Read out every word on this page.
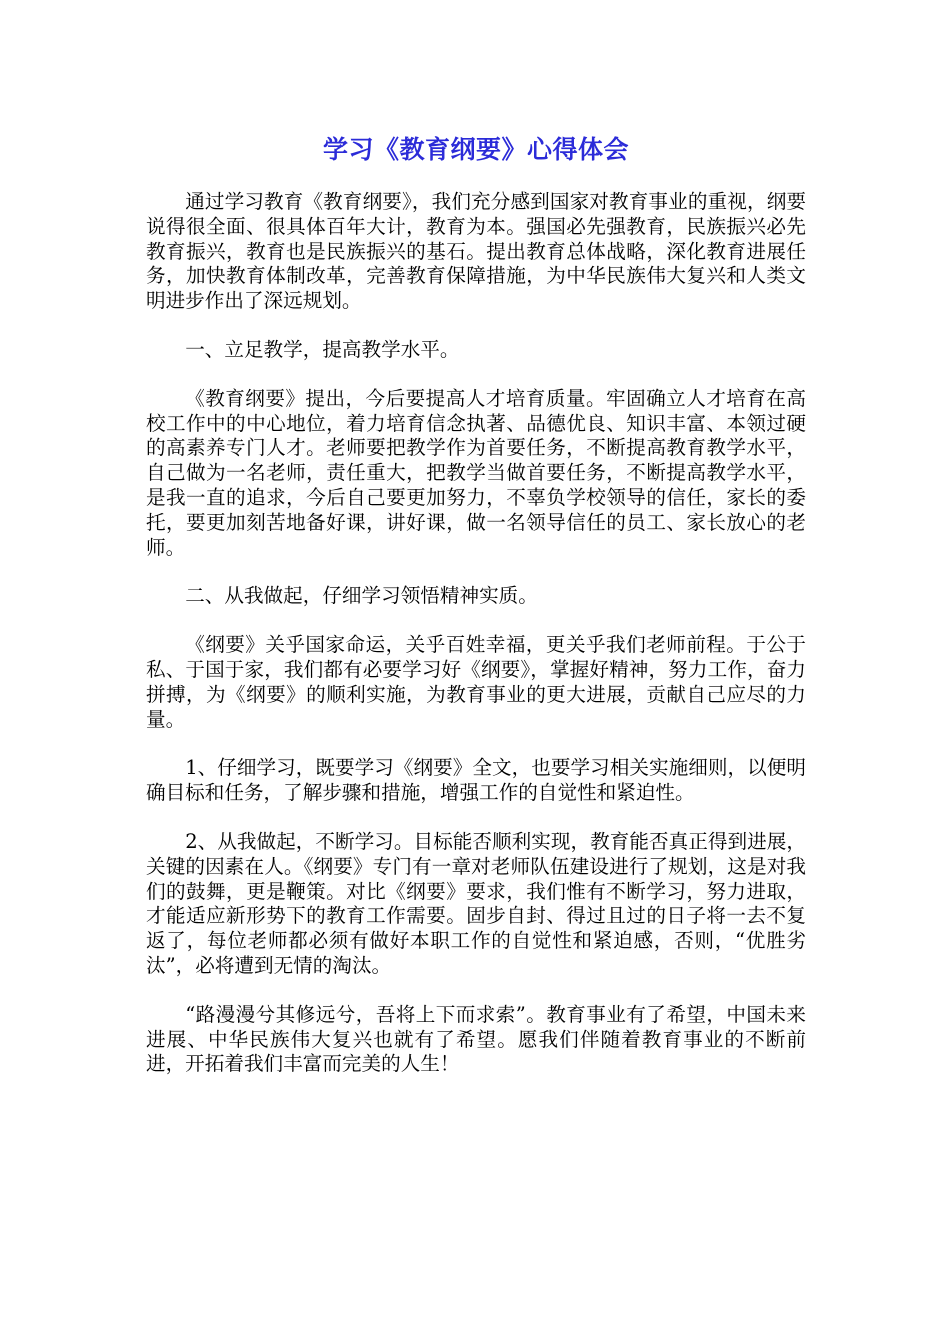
学习《教育纲要》心得体会

通过学习教育《教育纲要》，我们充分感到国家对教育事业的重视，纲要说得很全面、很具体百年大计，教育为本。强国必先强教育，民族振兴必先教育振兴，教育也是民族振兴的基石。提出教育总体战略，深化教育进展任务，加快教育体制改革，完善教育保障措施，为中华民族伟大复兴和人类文明进步作出了深远规划。

一、立足教学，提高教学水平。

《教育纲要》提出，今后要提高人才培育质量。牢固确立人才培育在高校工作中的中心地位，着力培育信念执著、品德优良、知识丰富、本领过硬的高素养专门人才。老师要把教学作为首要任务，不断提高教育教学水平，自己做为一名老师，责任重大，把教学当做首要任务，不断提高教学水平，是我一直的追求，今后自己要更加努力，不辜负学校领导的信任，家长的委托，要更加刻苦地备好课，讲好课，做一名领导信任的员工、家长放心的老师。

二、从我做起，仔细学习领悟精神实质。

《纲要》关乎国家命运，关乎百姓幸福，更关乎我们老师前程。于公于私、于国于家，我们都有必要学习好《纲要》，掌握好精神，努力工作，奋力拼搏，为《纲要》的顺利实施，为教育事业的更大进展，贡献自己应尽的力量。

1、仔细学习，既要学习《纲要》全文，也要学习相关实施细则，以便明确目标和任务，了解步骤和措施，增强工作的自觉性和紧迫性。

2、从我做起，不断学习。目标能否顺利实现，教育能否真正得到进展，关键的因素在人。《纲要》专门有一章对老师队伍建设进行了规划，这是对我们的鼓舞，更是鞭策。对比《纲要》要求，我们惟有不断学习，努力进取，才能适应新形势下的教育工作需要。固步自封、得过且过的日子将一去不复返了，每位老师都必须有做好本职工作的自觉性和紧迫感，否则，“优胜劣汰”，必将遭到无情的淘汰。

“路漫漫兮其修远兮，吾将上下而求索”。教育事业有了希望，中国未来进展、中华民族伟大复兴也就有了希望。愿我们伴随着教育事业的不断前进，开拓着我们丰富而完美的人生！
